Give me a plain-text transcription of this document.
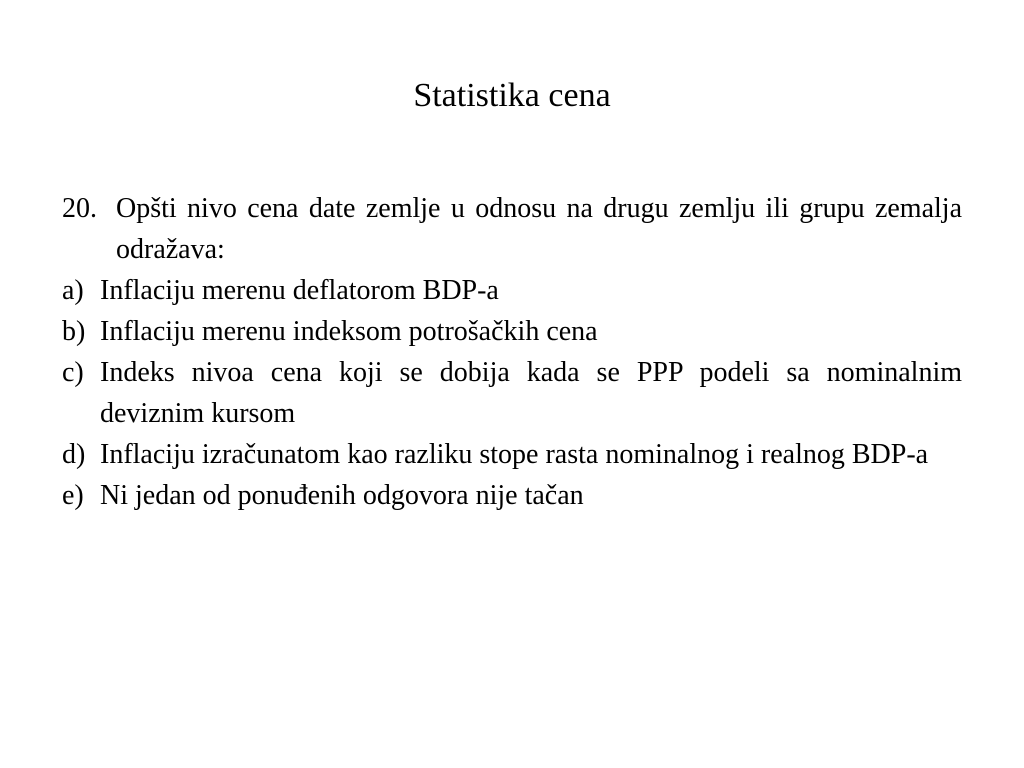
Statistika cena
20. Opšti nivo cena date zemlje u odnosu na drugu zemlju ili grupu zemalja odražava:
a) Inflaciju merenu deflatorom BDP-a
b) Inflaciju merenu indeksom potrošačkih cena
c) Indeks nivoa cena koji se dobija kada se PPP podeli sa nominalnim deviznim kursom
d) Inflaciju izračunatom kao razliku stope rasta nominalnog i realnog BDP-a
e) Ni jedan od ponuđenih odgovora nije tačan
